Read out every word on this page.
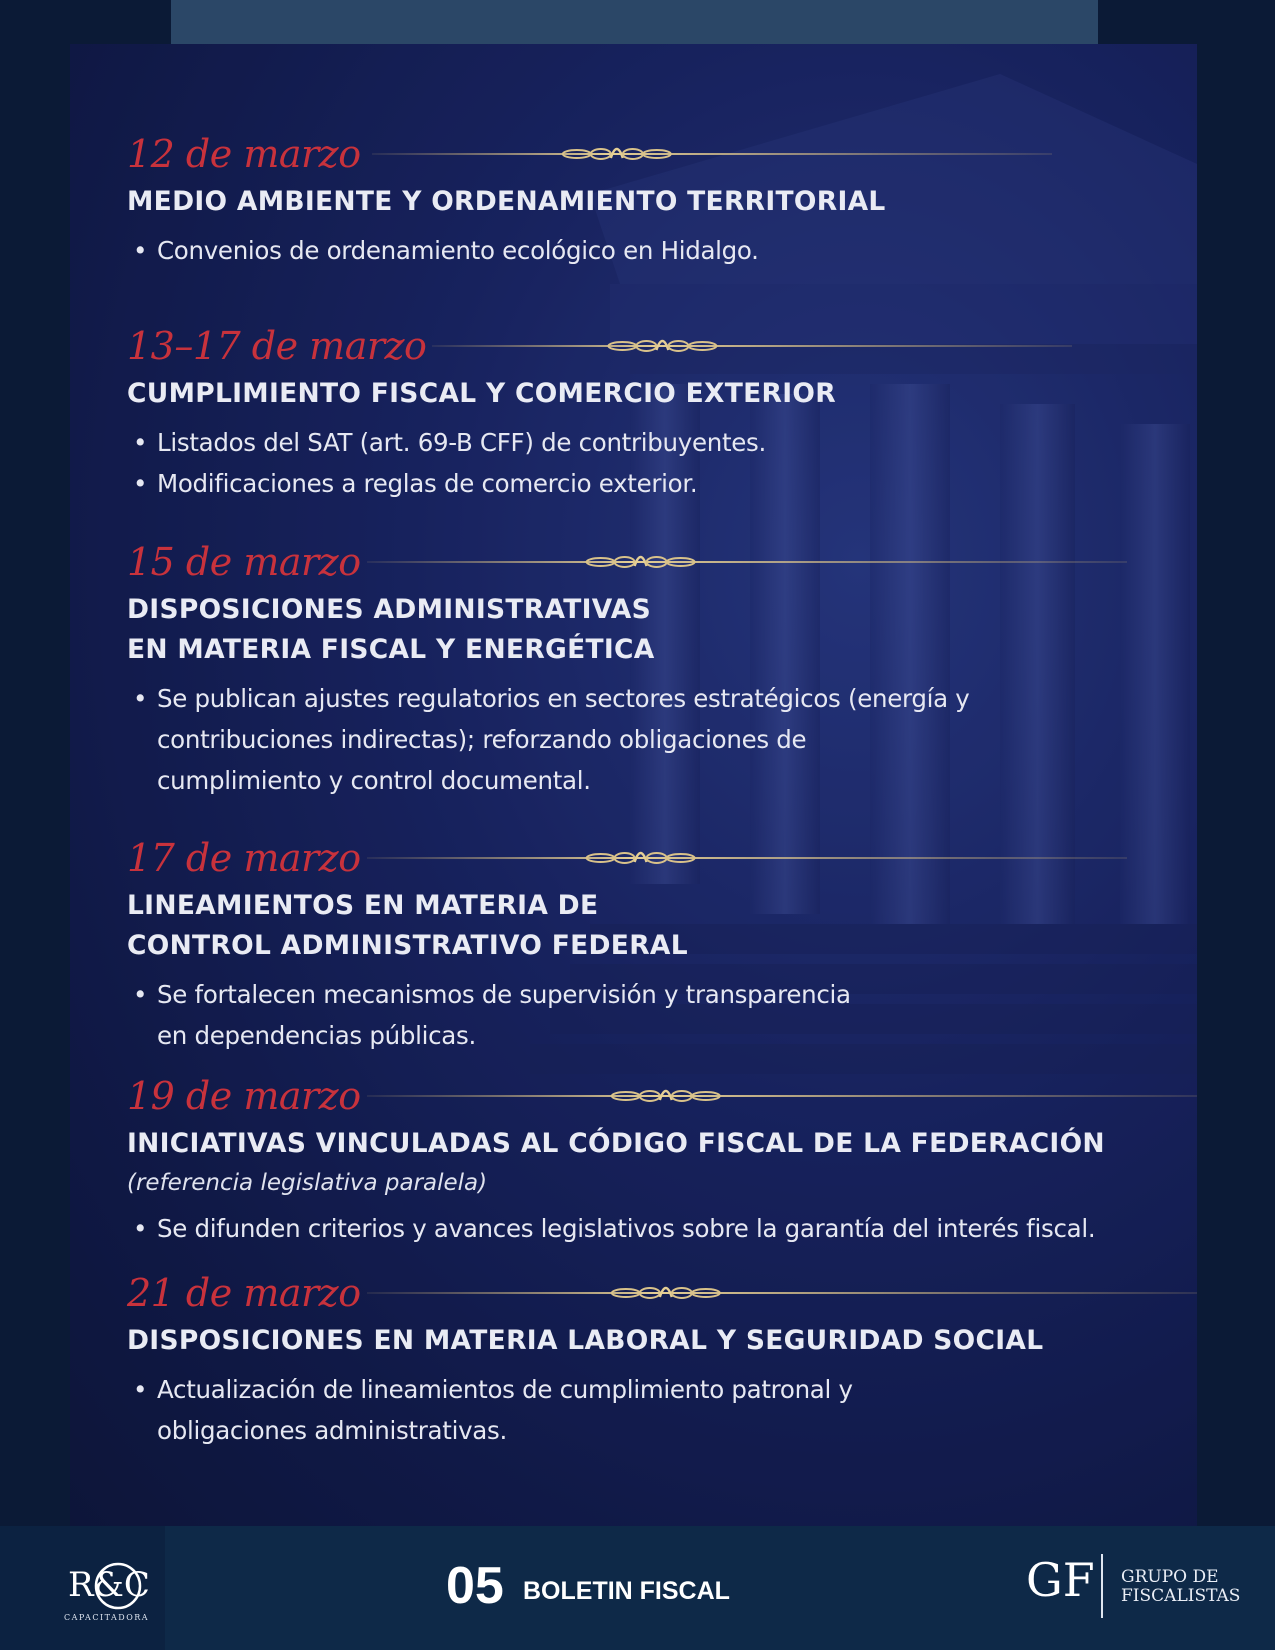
12 de marzo
MEDIO AMBIENTE Y ORDENAMIENTO TERRITORIAL
• Convenios de ordenamiento ecológico en Hidalgo.
13–17 de marzo
CUMPLIMIENTO FISCAL Y COMERCIO EXTERIOR
• Listados del SAT (art. 69-B CFF) de contribuyentes.
• Modificaciones a reglas de comercio exterior.
15 de marzo
DISPOSICIONES ADMINISTRATIVAS
EN MATERIA FISCAL Y ENERGÉTICA
• Se publican ajustes regulatorios en sectores estratégicos (energía y
contribuciones indirectas); reforzando obligaciones de
cumplimiento y control documental.
17 de marzo
LINEAMIENTOS EN MATERIA DE
CONTROL ADMINISTRATIVO FEDERAL
• Se fortalecen mecanismos de supervisión y transparencia
en dependencias públicas.
19 de marzo
INICIATIVAS VINCULADAS AL CÓDIGO FISCAL DE LA FEDERACIÓN
(referencia legislativa paralela)
• Se difunden criterios y avances legislativos sobre la garantía del interés fiscal.
21 de marzo
DISPOSICIONES EN MATERIA LABORAL Y SEGURIDAD SOCIAL
• Actualización de lineamientos de cumplimiento patronal y
obligaciones administrativas.
R&C
CAPACITADORA
05 BOLETIN FISCAL	GF GRUPO DE
FISCALISTAS
